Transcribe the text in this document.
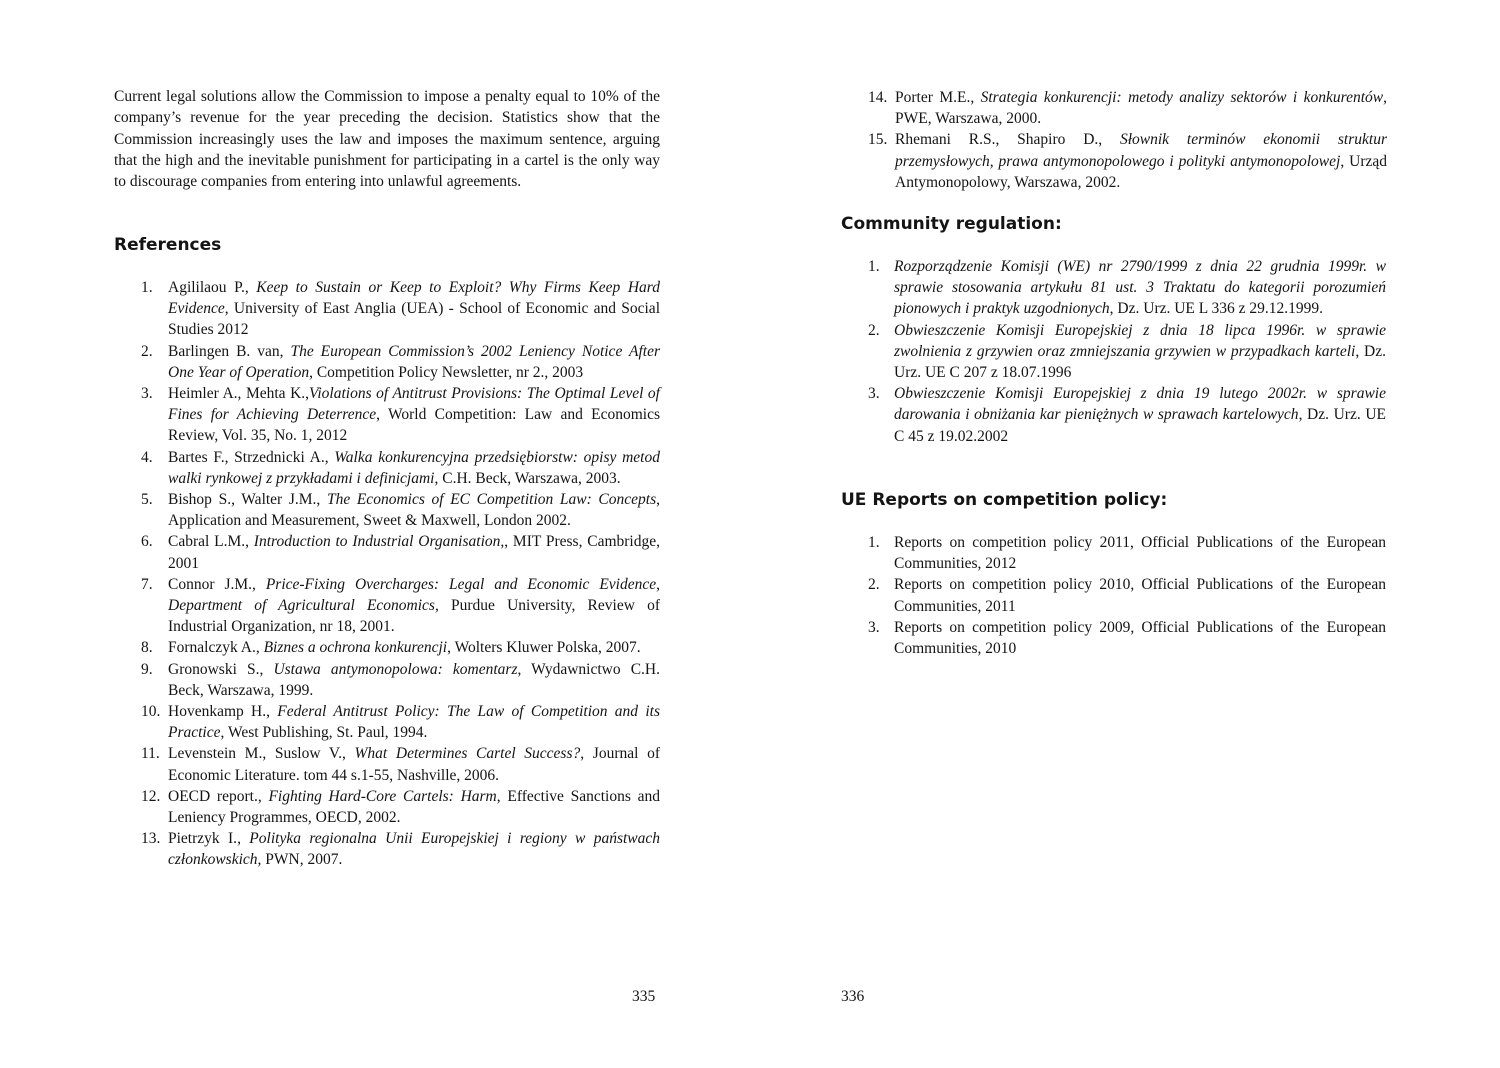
Current legal solutions allow the Commission to impose a penalty equal to 10% of the company’s revenue for the year preceding the decision. Statistics show that the Commission increasingly uses the law and imposes the maximum sentence, arguing that the high and the inevitable punishment for participating in a cartel is the only way to discourage companies from entering into unlawful agreements.

References
1. Agililaou P., Keep to Sustain or Keep to Exploit? Why Firms Keep Hard Evidence, University of East Anglia (UEA) - School of Economic and Social Studies 2012
2. Barlingen B. van, The European Commission’s 2002 Leniency Notice After One Year of Operation, Competition Policy Newsletter, nr 2., 2003
3. Heimler A., Mehta K.,Violations of Antitrust Provisions: The Optimal Level of Fines for Achieving Deterrence, World Competition: Law and Economics Review, Vol. 35, No. 1, 2012
4. Bartes F., Strzednicki A., Walka konkurencyjna przedsiębiorstw: opisy metod walki rynkowej z przykładami i definicjami, C.H. Beck, Warszawa, 2003.
5. Bishop S., Walter J.M., The Economics of EC Competition Law: Concepts, Application and Measurement, Sweet & Maxwell, London 2002.
6. Cabral L.M., Introduction to Industrial Organisation,, MIT Press, Cambridge, 2001
7. Connor J.M., Price-Fixing Overcharges: Legal and Economic Evidence, Department of Agricultural Economics, Purdue University, Review of Industrial Organization, nr 18, 2001.
8. Fornalczyk A., Biznes a ochrona konkurencji, Wolters Kluwer Polska, 2007.
9. Gronowski S., Ustawa antymonopolowa: komentarz, Wydawnictwo C.H. Beck, Warszawa, 1999.
10. Hovenkamp H., Federal Antitrust Policy: The Law of Competition and its Practice, West Publishing, St. Paul, 1994.
11. Levenstein M., Suslow V., What Determines Cartel Success?, Journal of Economic Literature. tom 44 s.1-55, Nashville, 2006.
12. OECD report., Fighting Hard-Core Cartels: Harm, Effective Sanctions and Leniency Programmes, OECD, 2002.
13. Pietrzyk I., Polityka regionalna Unii Europejskiej i regiony w państwach członkowskich, PWN, 2007.
335
14. Porter M.E., Strategia konkurencji: metody analizy sektorów i konkurentów, PWE, Warszawa, 2000.
15. Rhemani R.S., Shapiro D., Słownik terminów ekonomii struktur przemysłowych, prawa antymonopolowego i polityki antymonopolowej, Urząd Antymonopolowy, Warszawa, 2002.
Community regulation:
1. Rozporządzenie Komisji (WE) nr 2790/1999 z dnia 22 grudnia 1999r. w sprawie stosowania artykułu 81 ust. 3 Traktatu do kategorii porozumień pionowych i praktyk uzgodnionych, Dz. Urz. UE L 336 z 29.12.1999.
2. Obwieszczenie Komisji Europejskiej z dnia 18 lipca 1996r. w sprawie zwolnienia z grzywien oraz zmniejszania grzywien w przypadkach karteli, Dz. Urz. UE C 207 z 18.07.1996
3. Obwieszczenie Komisji Europejskiej z dnia 19 lutego 2002r. w sprawie darowania i obniżania kar pieniężnych w sprawach kartelowych, Dz. Urz. UE C 45 z 19.02.2002
UE Reports on competition policy:
1. Reports on competition policy 2011, Official Publications of the European Communities, 2012
2. Reports on competition policy 2010, Official Publications of the European Communities, 2011
3. Reports on competition policy 2009, Official Publications of the European Communities, 2010
336
